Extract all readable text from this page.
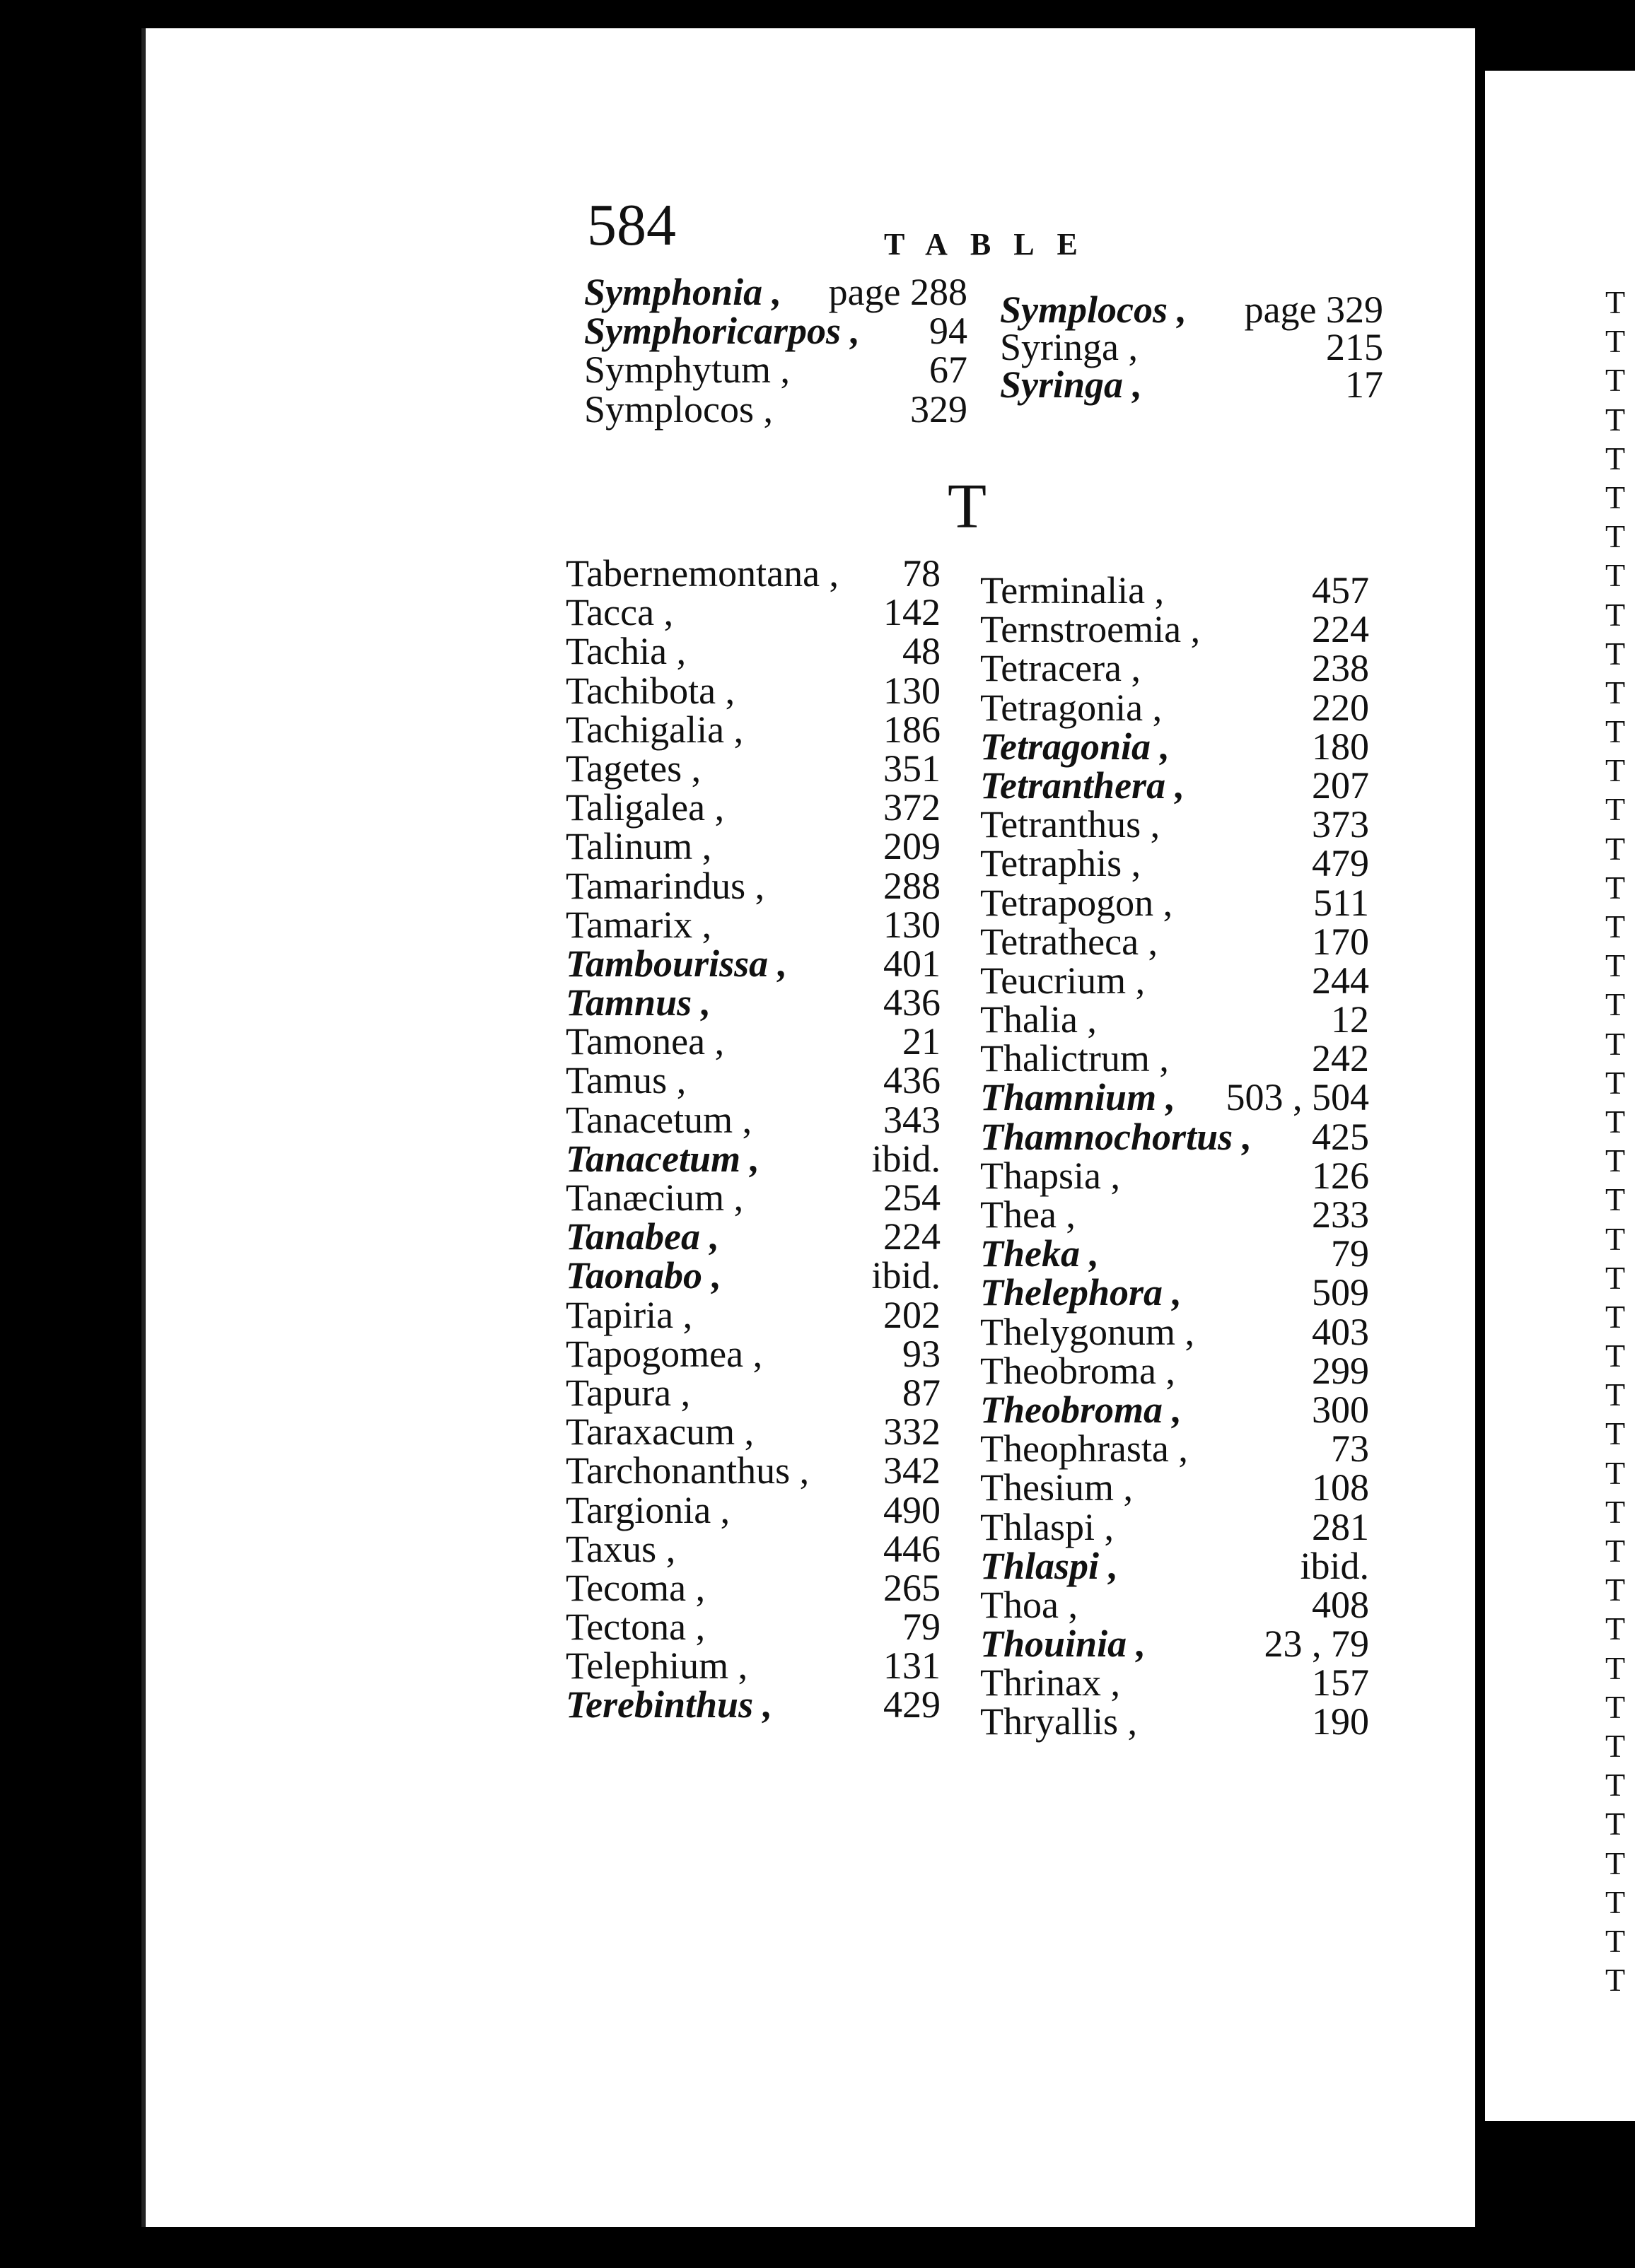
T
T
T
T
T
T
T
T
T
T
T
T
T
T
T
T
T
T
T
T
T
T
T
T
T
T
T
T
T
T
T
T
T
T
T
T
T
T
T
T
T
T
T
T
584	TABLE
Symphonia , page 288
Symphoricarpos , 94
Symphytum ,	67
Symplocos ,	329
Symplocos , page 329
Syringa ,	215
Syringa ,	17
T
Tabernemontana , 78
Tacca ,	142
Tachia ,	48
Tachibota ,	130
Tachigalia ,	186
Tagetes ,	351
Taligalea ,	372
Talinum ,	209
Tamarindus ,	288
Tamarix ,	130
Tambourissa ,	401
Tamnus ,	436
Tamonea ,	21
Tamus ,	436
Tanacetum ,	343
Tanacetum ,	ibid.
Tanæcium ,	254
Tanabea ,	224
Taonabo ,	ibid.
Tapiria ,	202
Tapogomea ,	93
Tapura ,	87
Taraxacum ,	332
Tarchonanthus , 342
Targionia ,	490
Taxus ,	446
Tecoma ,	265
Tectona ,	79
Telephium ,	131
Terebinthus ,	429
Terminalia ,	457
Ternstroemia ,	224
Tetracera ,	238
Tetragonia ,	220
Tetragonia ,	180
Tetranthera ,	207
Tetranthus ,	373
Tetraphis ,	479
Tetrapogon ,	511
Tetratheca ,	170
Teucrium ,	244
Thalia ,	12
Thalictrum ,	242
Thamnium , 503 , 504
Thamnochortus , 425
Thapsia ,	126
Thea ,	233
Theka ,	79
Thelephora ,	509
Thelygonum ,	403
Theobroma ,	299
Theobroma ,	300
Theophrasta ,	73
Thesium ,	108
Thlaspi ,	281
Thlaspi ,	ibid.
Thoa ,	408
Thouinia ,	23 , 79
Thrinax ,	157
Thryallis ,	190
